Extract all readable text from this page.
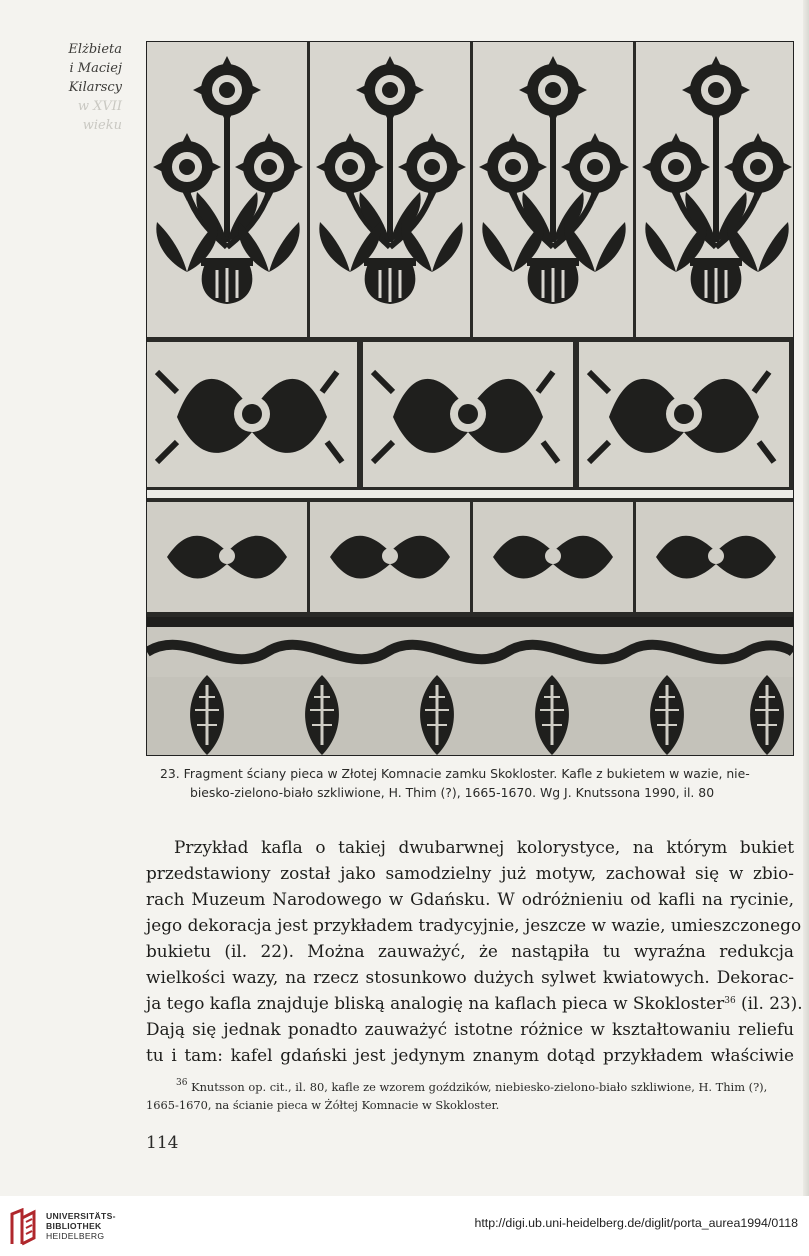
Elżbieta
i Maciej
Kilarscy
w XVII
wieku
23. Fragment ściany pieca w Złotej Komnacie zamku Skokloster. Kafle z bukietem w wazie, nie-
biesko-zielono-biało szkliwione, H. Thim (?), 1665-1670. Wg J. Knutssona 1990, il. 80
Przykład kafla o takiej dwubarwnej kolorystyce, na którym bukiet
przedstawiony został jako samodzielny już motyw, zachował się w zbio-
rach Muzeum Narodowego w Gdańsku. W odróżnieniu od kafli na rycinie,
jego dekoracja jest przykładem tradycyjnie, jeszcze w wazie, umieszczonego
bukietu (il. 22). Można zauważyć, że nastąpiła tu wyraźna redukcja
wielkości wazy, na rzecz stosunkowo dużych sylwet kwiatowych. Dekorac-
ja tego kafla znajduje bliską analogię na kaflach pieca w Skokloster$^{36}$ (il. 23).
Dają się jednak ponadto zauważyć istotne różnice w kształtowaniu reliefu
tu i tam: kafel gdański jest jedynym znanym dotąd przykładem właściwie
$^{36}$ Knutsson op. cit., il. 80, kafle ze wzorem goździków, niebiesko-zielono-biało szkliwione, H. Thim (?),
1665-1670, na ścianie pieca w Żółtej Komnacie w Skokloster.
114
UNIVERSITÄTS-
BIBLIOTHEK
HEIDELBERG
http://digi.ub.uni-heidelberg.de/diglit/porta_aurea1994/0118
